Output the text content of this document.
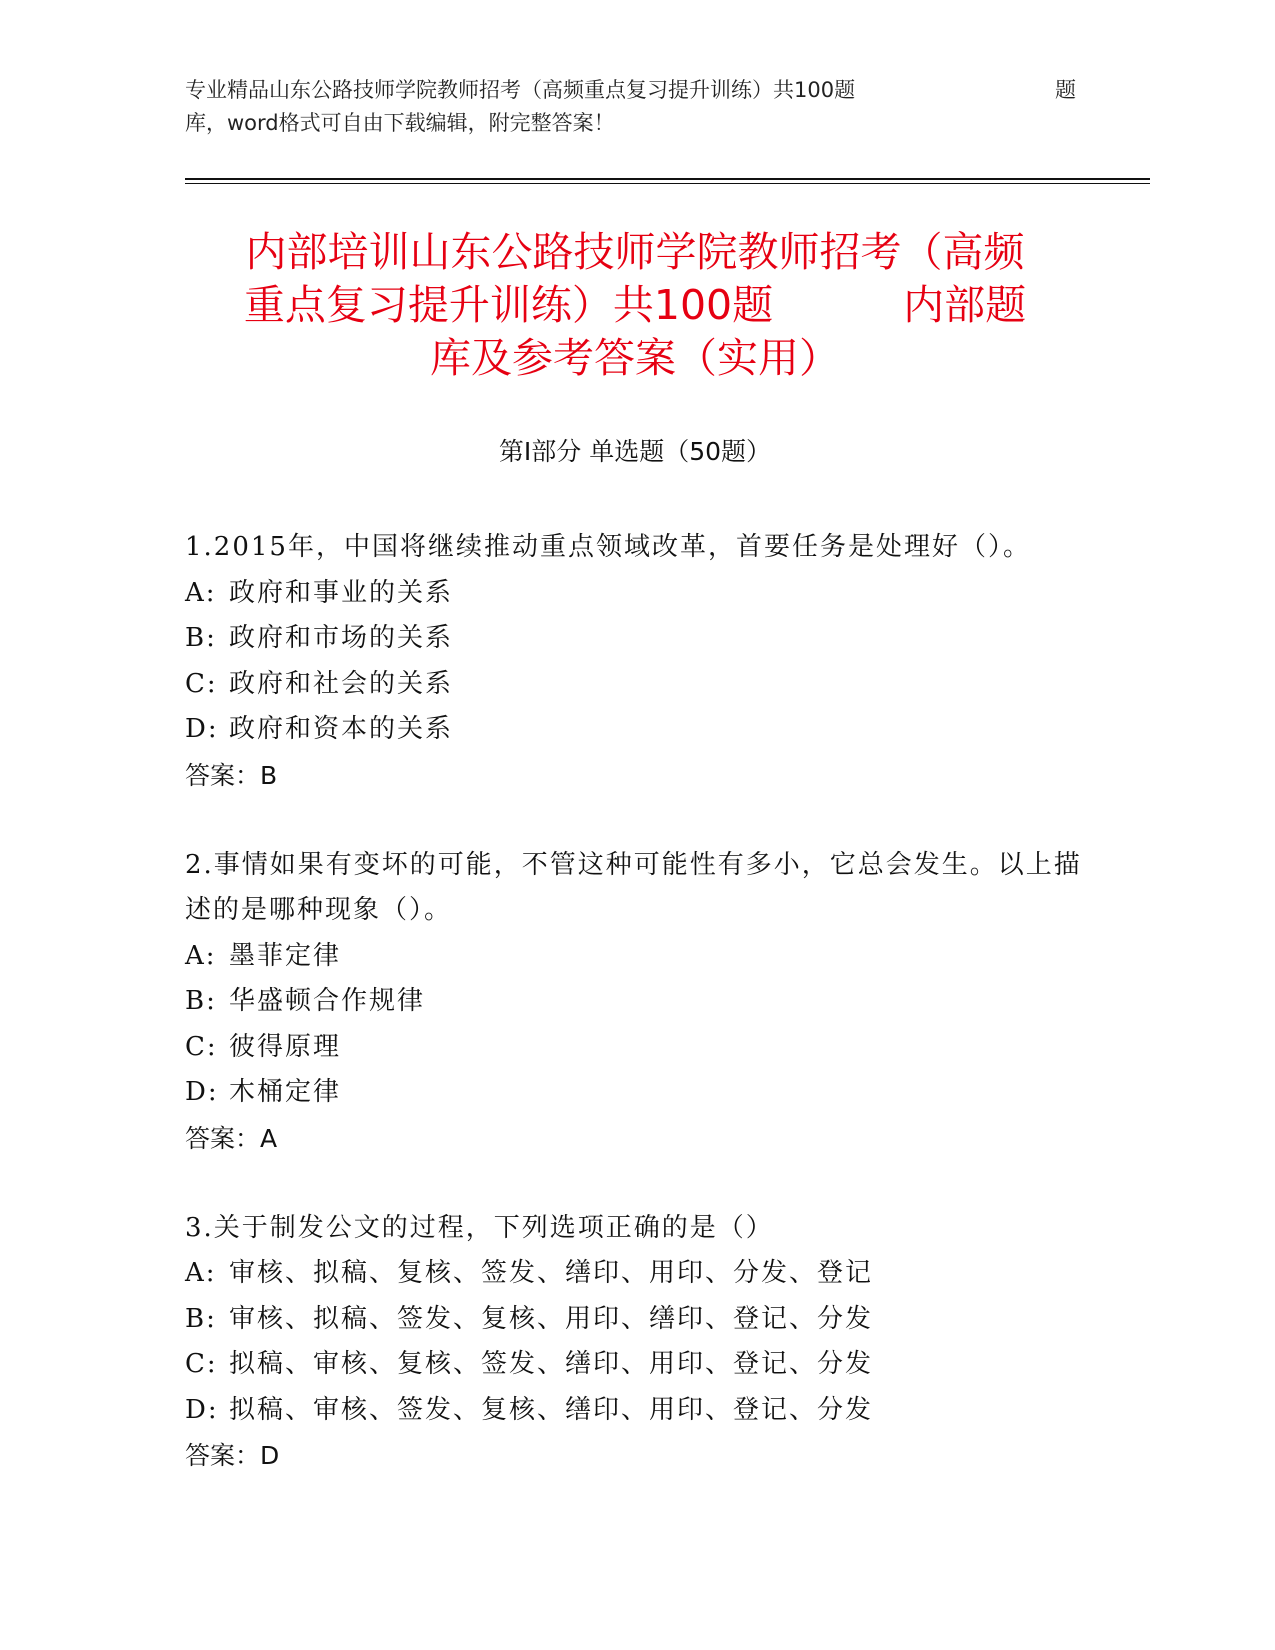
专业精品山东公路技师学院教师招考（高频重点复习提升训练）共100题	题
库，word格式可自由下载编辑，附完整答案！
内部培训山东公路技师学院教师招考（高频
重点复习提升训练）共100题	内部题
库及参考答案（实用）
第Ⅰ部分 单选题（50题）
1.2015年，中国将继续推动重点领域改革，首要任务是处理好（）。
A: 政府和事业的关系
B: 政府和市场的关系
C: 政府和社会的关系
D: 政府和资本的关系
答案：B
2.事情如果有变坏的可能，不管这种可能性有多小，它总会发生。以上描述的是哪种现象（）。
A: 墨菲定律
B: 华盛顿合作规律
C: 彼得原理
D: 木桶定律
答案：A
3.关于制发公文的过程，下列选项正确的是（）
A: 审核、拟稿、复核、签发、缮印、用印、分发、登记
B: 审核、拟稿、签发、复核、用印、缮印、登记、分发
C: 拟稿、审核、复核、签发、缮印、用印、登记、分发
D: 拟稿、审核、签发、复核、缮印、用印、登记、分发
答案：D
